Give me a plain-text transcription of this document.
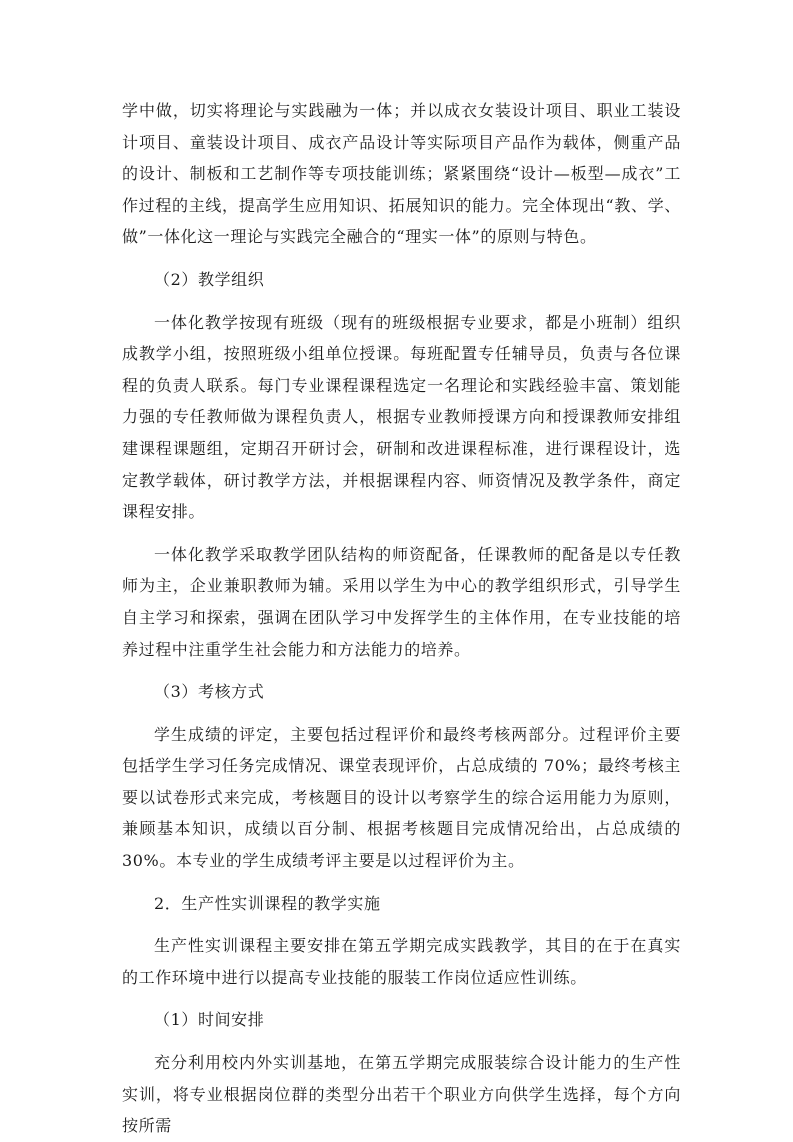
学中做，切实将理论与实践融为一体；并以成衣女装设计项目、职业工装设计项目、童装设计项目、成衣产品设计等实际项目产品作为载体，侧重产品的设计、制板和工艺制作等专项技能训练；紧紧围绕“设计—板型—成衣”工作过程的主线，提高学生应用知识、拓展知识的能力。完全体现出“教、学、做”一体化这一理论与实践完全融合的“理实一体”的原则与特色。

（2）教学组织

一体化教学按现有班级（现有的班级根据专业要求，都是小班制）组织成教学小组，按照班级小组单位授课。每班配置专任辅导员，负责与各位课程的负责人联系。每门专业课程课程选定一名理论和实践经验丰富、策划能力强的专任教师做为课程负责人，根据专业教师授课方向和授课教师安排组建课程课题组，定期召开研讨会，研制和改进课程标准，进行课程设计，选定教学载体，研讨教学方法，并根据课程内容、师资情况及教学条件，商定课程安排。

一体化教学采取教学团队结构的师资配备，任课教师的配备是以专任教师为主，企业兼职教师为辅。采用以学生为中心的教学组织形式，引导学生自主学习和探索，强调在团队学习中发挥学生的主体作用，在专业技能的培养过程中注重学生社会能力和方法能力的培养。

（3）考核方式

学生成绩的评定，主要包括过程评价和最终考核两部分。过程评价主要包括学生学习任务完成情况、课堂表现评价，占总成绩的 70%；最终考核主要以试卷形式来完成，考核题目的设计以考察学生的综合运用能力为原则，兼顾基本知识，成绩以百分制、根据考核题目完成情况给出，占总成绩的 30%。本专业的学生成绩考评主要是以过程评价为主。

2．生产性实训课程的教学实施

生产性实训课程主要安排在第五学期完成实践教学，其目的在于在真实的工作环境中进行以提高专业技能的服装工作岗位适应性训练。

（1）时间安排

充分利用校内外实训基地，在第五学期完成服装综合设计能力的生产性实训，将专业根据岗位群的类型分出若干个职业方向供学生选择，每个方向按所需
